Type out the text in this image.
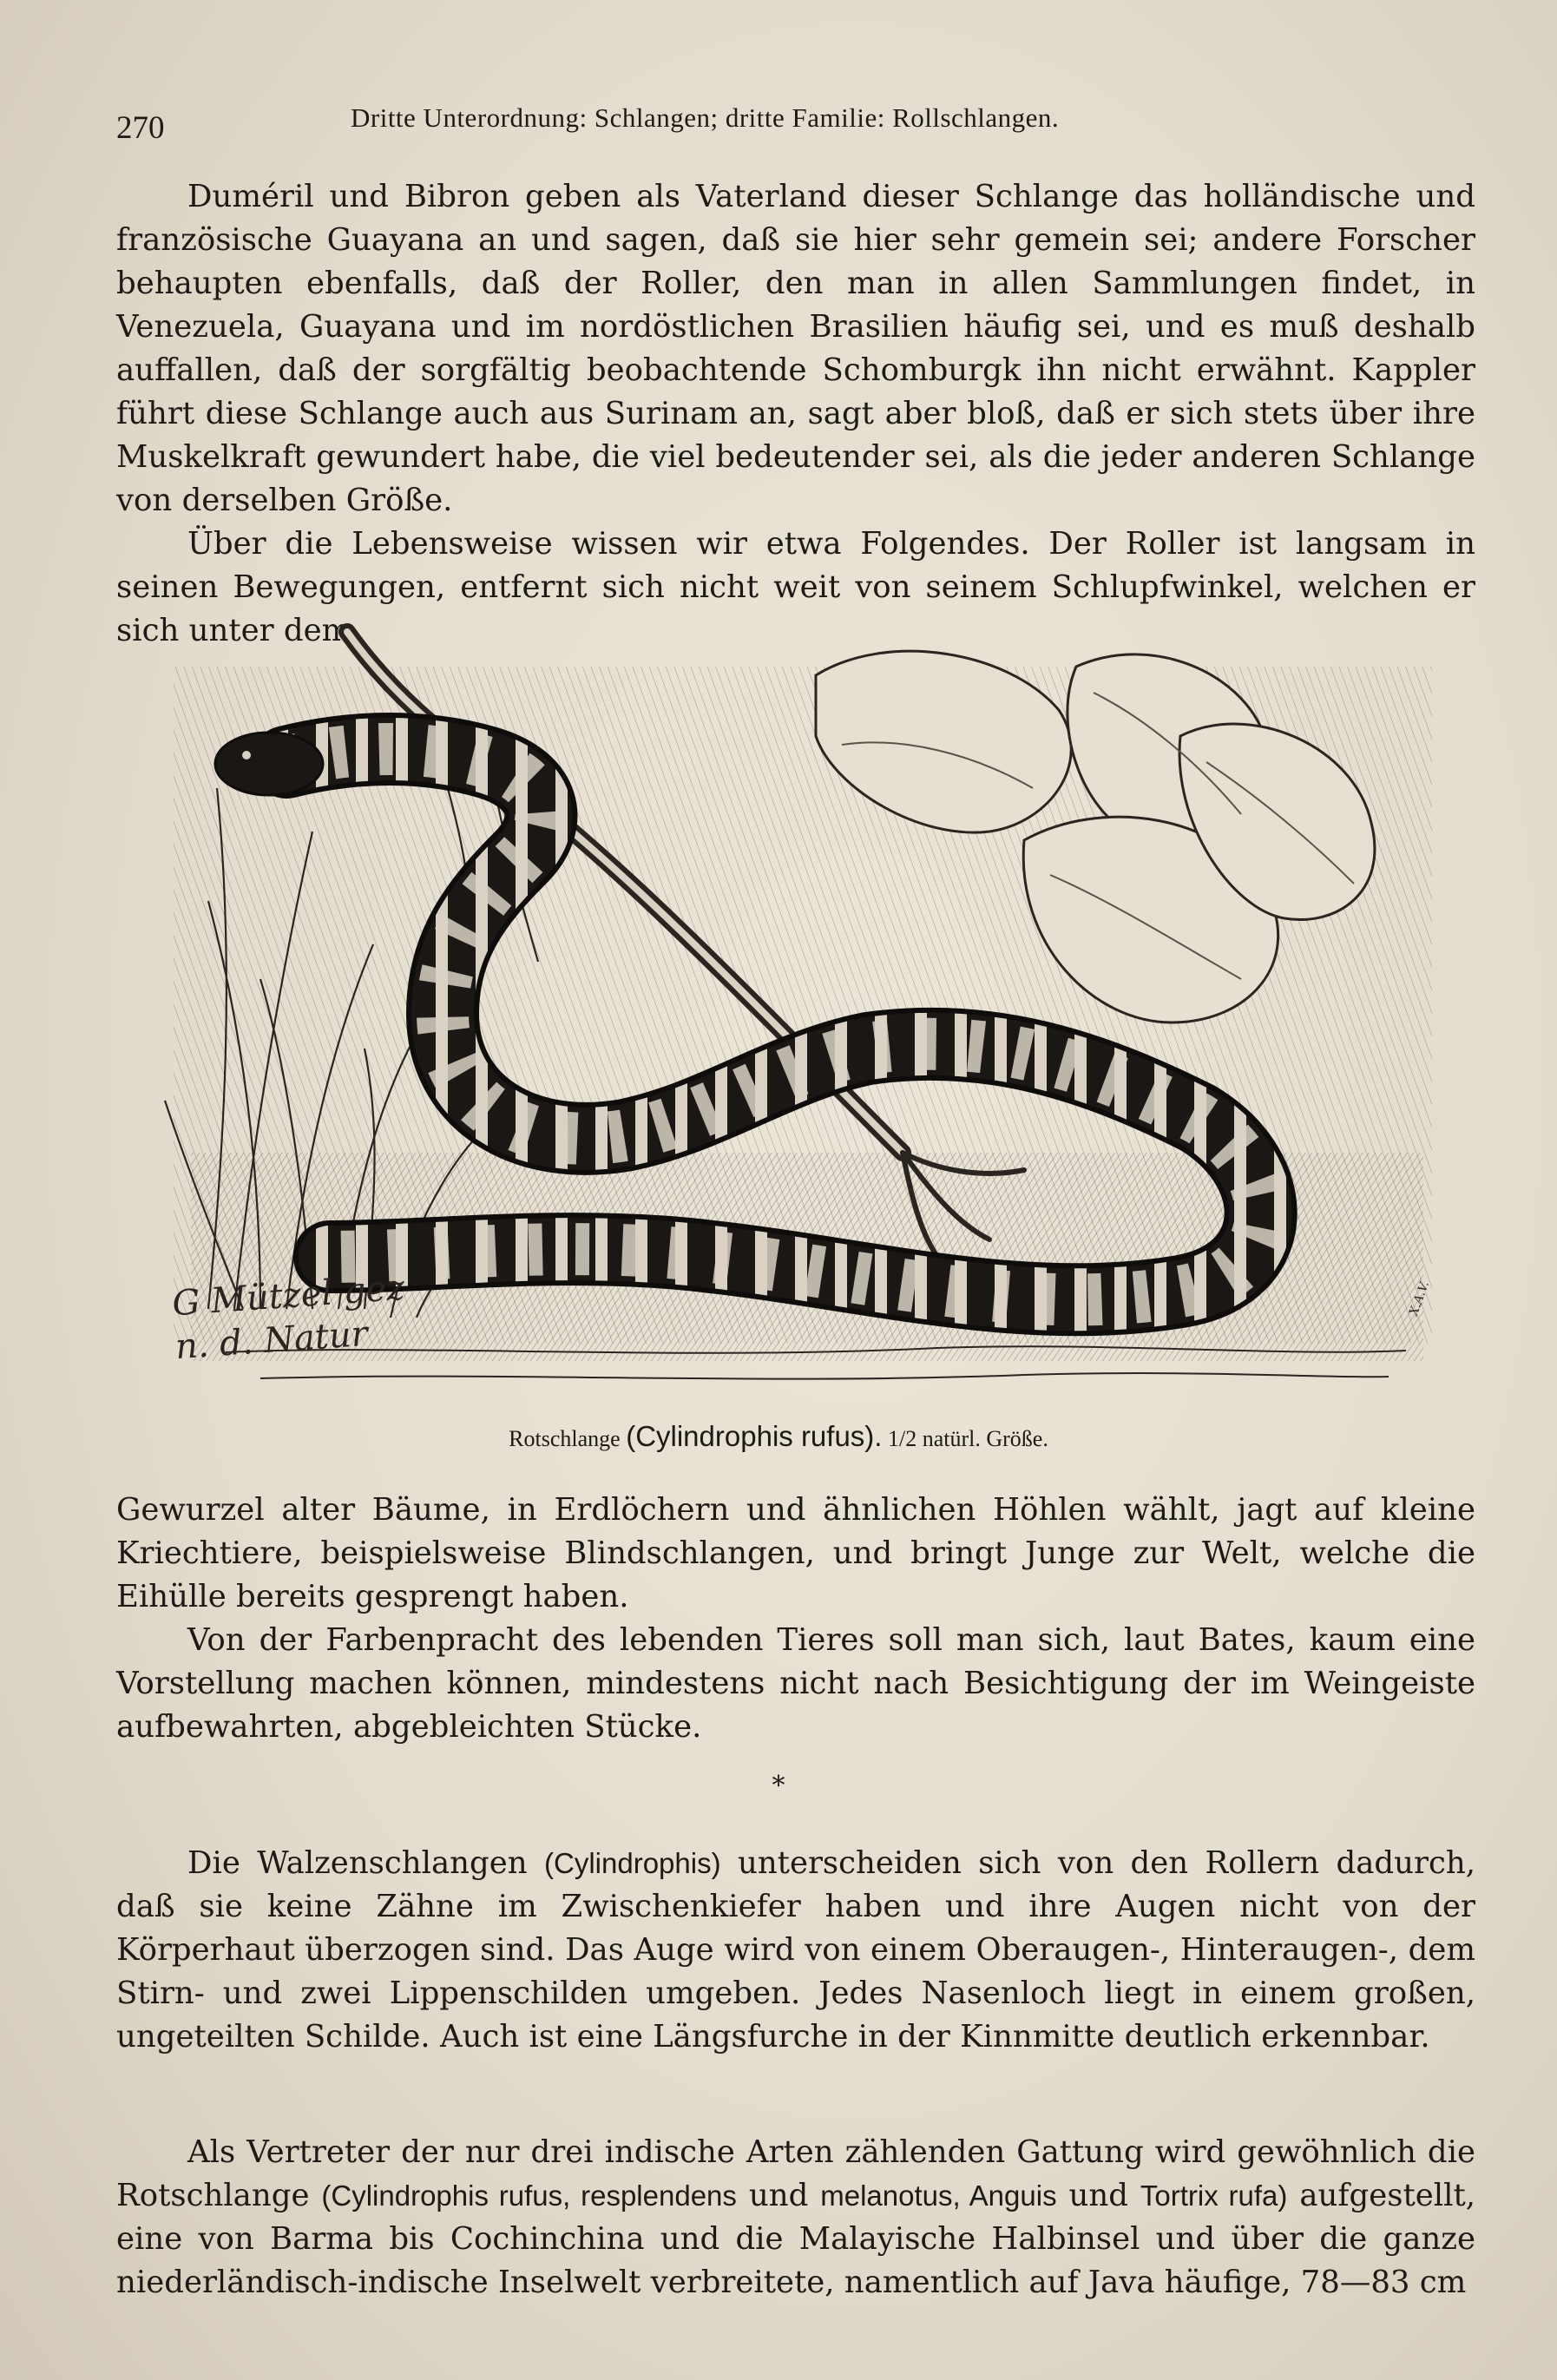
270	Dritte Unterordnung: Schlangen; dritte Familie: Rollschlangen.

Duméril und Bibron geben als Vaterland dieser Schlange das holländische und französische Guayana an und sagen, daß sie hier sehr gemein sei; andere Forscher behaupten ebenfalls, daß der Roller, den man in allen Sammlungen findet, in Venezuela, Guayana und im nordöstlichen Brasilien häufig sei, und es muß deshalb auffallen, daß der sorgfältig beobachtende Schomburgk ihn nicht erwähnt. Kappler führt diese Schlange auch aus Surinam an, sagt aber bloß, daß er sich stets über ihre Muskelkraft gewundert habe, die viel bedeutender sei, als die jeder anderen Schlange von derselben Größe.

Über die Lebensweise wissen wir etwa Folgendes. Der Roller ist langsam in seinen Bewegungen, entfernt sich nicht weit von seinem Schlupfwinkel, welchen er sich unter dem

G Mützel gez
n. d. Natur
X.A.V.
Rotschlange (Cylindrophis rufus). 1/2 natürl. Größe.

Gewurzel alter Bäume, in Erdlöchern und ähnlichen Höhlen wählt, jagt auf kleine Kriechtiere, beispielsweise Blindschlangen, und bringt Junge zur Welt, welche die Eihülle bereits gesprengt haben.

Von der Farbenpracht des lebenden Tieres soll man sich, laut Bates, kaum eine Vorstellung machen können, mindestens nicht nach Besichtigung der im Weingeiste aufbewahrten, abgebleichten Stücke.

*

Die Walzenschlangen (Cylindrophis) unterscheiden sich von den Rollern dadurch, daß sie keine Zähne im Zwischenkiefer haben und ihre Augen nicht von der Körperhaut überzogen sind. Das Auge wird von einem Oberaugen-, Hinteraugen-, dem Stirn- und zwei Lippenschilden umgeben. Jedes Nasenloch liegt in einem großen, ungeteilten Schilde. Auch ist eine Längsfurche in der Kinnmitte deutlich erkennbar.

Als Vertreter der nur drei indische Arten zählenden Gattung wird gewöhnlich die Rotschlange (Cylindrophis rufus, resplendens und melanotus, Anguis und Tortrix rufa) aufgestellt, eine von Barma bis Cochinchina und die Malayische Halbinsel und über die ganze niederländisch-indische Inselwelt verbreitete, namentlich auf Java häufige, 78—83 cm
